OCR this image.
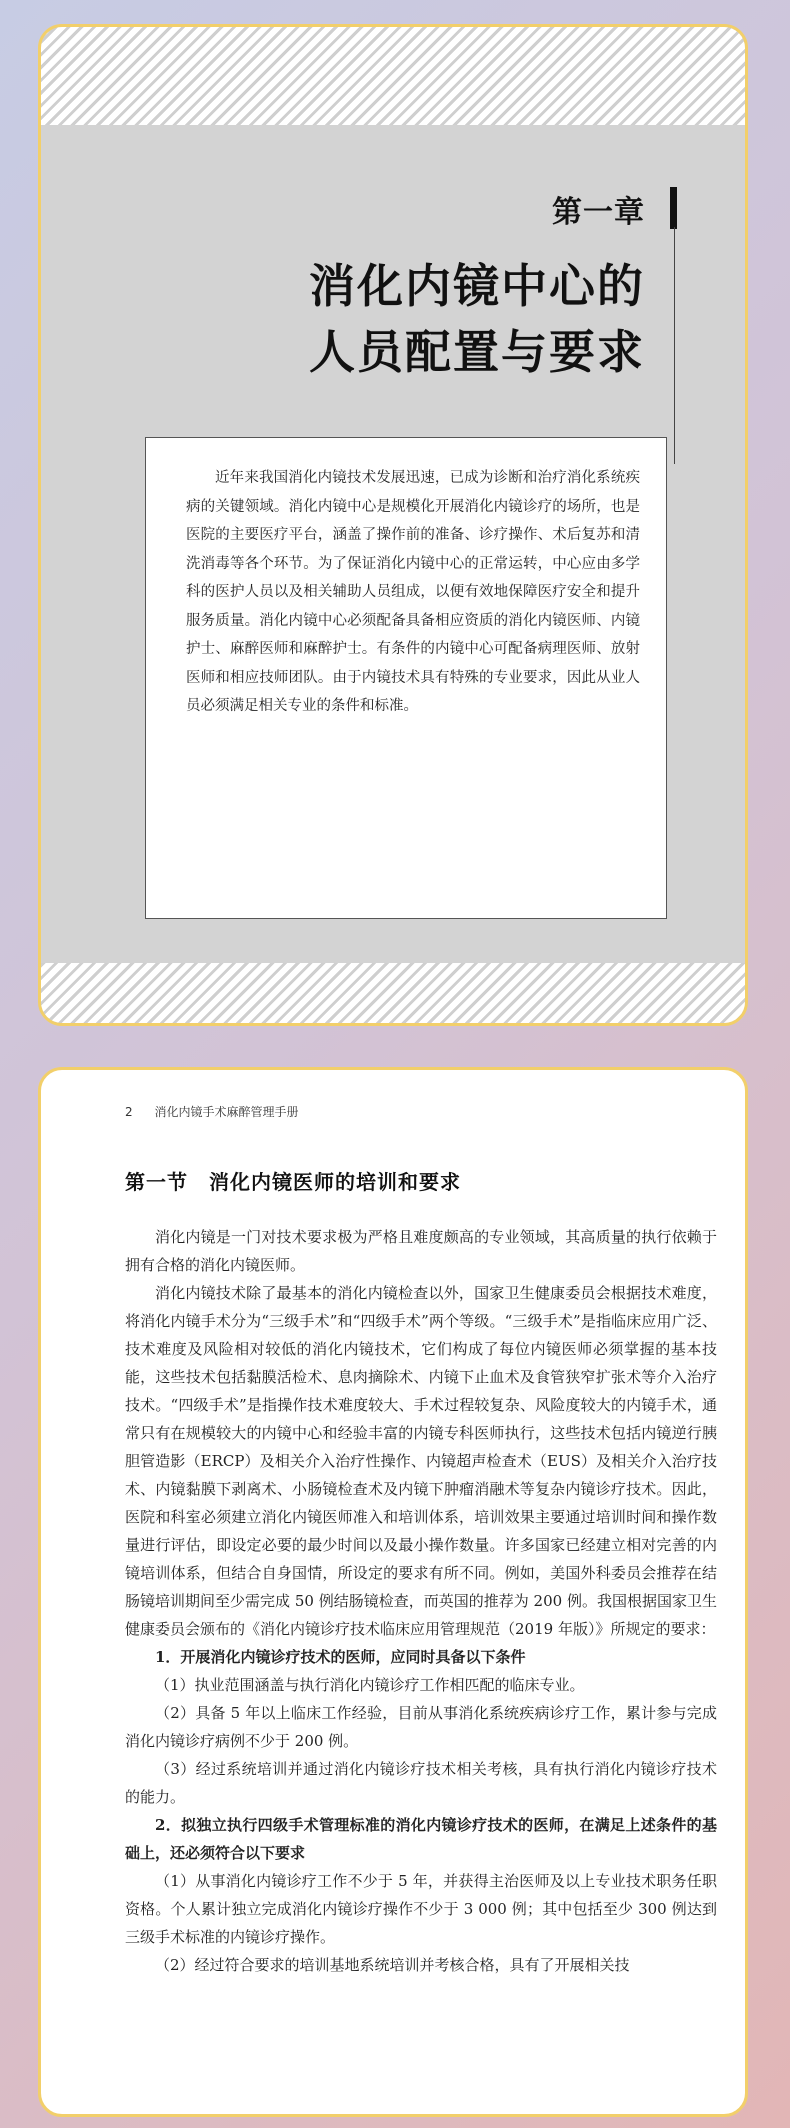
第一章
消化内镜中心的
人员配置与要求

近年来我国消化内镜技术发展迅速，已成为诊断和治疗消化系统疾病的关键领域。消化内镜中心是规模化开展消化内镜诊疗的场所，也是医院的主要医疗平台，涵盖了操作前的准备、诊疗操作、术后复苏和清洗消毒等各个环节。为了保证消化内镜中心的正常运转，中心应由多学科的医护人员以及相关辅助人员组成，以便有效地保障医疗安全和提升服务质量。消化内镜中心必须配备具备相应资质的消化内镜医师、内镜护士、麻醉医师和麻醉护士。有条件的内镜中心可配备病理医师、放射医师和相应技师团队。由于内镜技术具有特殊的专业要求，因此从业人员必须满足相关专业的条件和标准。

2 消化内镜手术麻醉管理手册
第一节　消化内镜医师的培训和要求

消化内镜是一门对技术要求极为严格且难度颇高的专业领域，其高质量的执行依赖于拥有合格的消化内镜医师。

消化内镜技术除了最基本的消化内镜检查以外，国家卫生健康委员会根据技术难度，将消化内镜手术分为“三级手术”和“四级手术”两个等级。“三级手术”是指临床应用广泛、技术难度及风险相对较低的消化内镜技术，它们构成了每位内镜医师必须掌握的基本技能，这些技术包括黏膜活检术、息肉摘除术、内镜下止血术及食管狭窄扩张术等介入治疗技术。“四级手术”是指操作技术难度较大、手术过程较复杂、风险度较大的内镜手术，通常只有在规模较大的内镜中心和经验丰富的内镜专科医师执行，这些技术包括内镜逆行胰胆管造影（ERCP）及相关介入治疗性操作、内镜超声检查术（EUS）及相关介入治疗技术、内镜黏膜下剥离术、小肠镜检查术及内镜下肿瘤消融术等复杂内镜诊疗技术。因此，医院和科室必须建立消化内镜医师准入和培训体系，培训效果主要通过培训时间和操作数量进行评估，即设定必要的最少时间以及最小操作数量。许多国家已经建立相对完善的内镜培训体系，但结合自身国情，所设定的要求有所不同。例如，美国外科委员会推荐在结肠镜培训期间至少需完成 50 例结肠镜检查，而英国的推荐为 200 例。我国根据国家卫生健康委员会颁布的《消化内镜诊疗技术临床应用管理规范（2019 年版）》所规定的要求：

1．开展消化内镜诊疗技术的医师，应同时具备以下条件

（1）执业范围涵盖与执行消化内镜诊疗工作相匹配的临床专业。

（2）具备 5 年以上临床工作经验，目前从事消化系统疾病诊疗工作，累计参与完成消化内镜诊疗病例不少于 200 例。

（3）经过系统培训并通过消化内镜诊疗技术相关考核，具有执行消化内镜诊疗技术的能力。

2．拟独立执行四级手术管理标准的消化内镜诊疗技术的医师，在满足上述条件的基础上，还必须符合以下要求

（1）从事消化内镜诊疗工作不少于 5 年，并获得主治医师及以上专业技术职务任职资格。个人累计独立完成消化内镜诊疗操作不少于 3 000 例；其中包括至少 300 例达到三级手术标准的内镜诊疗操作。

（2）经过符合要求的培训基地系统培训并考核合格，具有了开展相关技
